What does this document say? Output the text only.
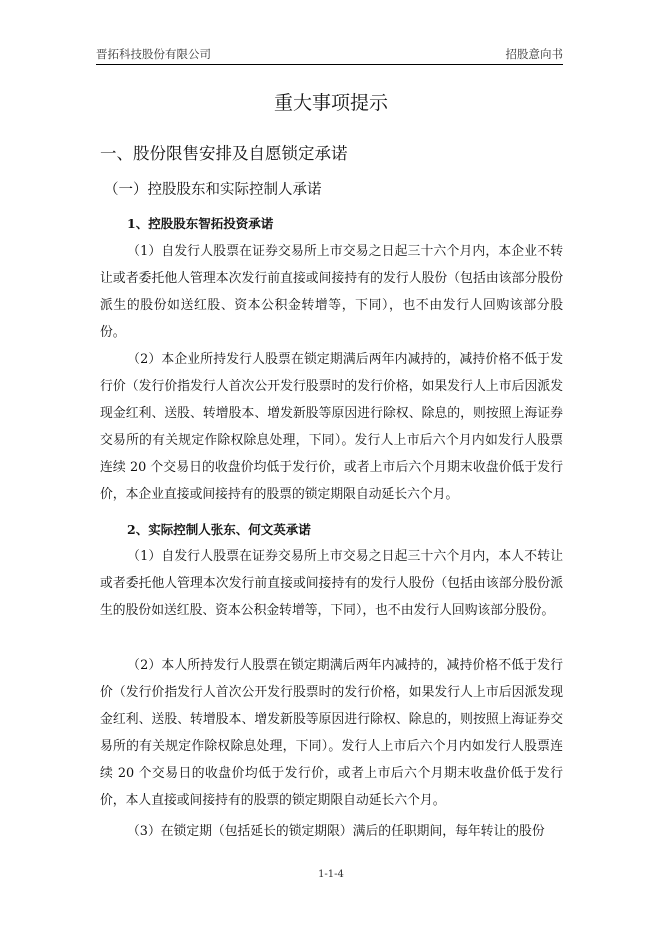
晋拓科技股份有限公司	招股意向书
重大事项提示
一、股份限售安排及自愿锁定承诺
（一）控股股东和实际控制人承诺
1、控股股东智拓投资承诺
（1）自发行人股票在证券交易所上市交易之日起三十六个月内，本企业不转让或者委托他人管理本次发行前直接或间接持有的发行人股份（包括由该部分股份派生的股份如送红股、资本公积金转增等，下同），也不由发行人回购该部分股份。
（2）本企业所持发行人股票在锁定期满后两年内减持的，减持价格不低于发行价（发行价指发行人首次公开发行股票时的发行价格，如果发行人上市后因派发现金红利、送股、转增股本、增发新股等原因进行除权、除息的，则按照上海证券交易所的有关规定作除权除息处理，下同）。发行人上市后六个月内如发行人股票连续 20 个交易日的收盘价均低于发行价，或者上市后六个月期末收盘价低于发行价，本企业直接或间接持有的股票的锁定期限自动延长六个月。
2、实际控制人张东、何文英承诺
（1）自发行人股票在证券交易所上市交易之日起三十六个月内，本人不转让或者委托他人管理本次发行前直接或间接持有的发行人股份（包括由该部分股份派生的股份如送红股、资本公积金转增等，下同），也不由发行人回购该部分股份。
（2）本人所持发行人股票在锁定期满后两年内减持的，减持价格不低于发行价（发行价指发行人首次公开发行股票时的发行价格，如果发行人上市后因派发现金红利、送股、转增股本、增发新股等原因进行除权、除息的，则按照上海证券交易所的有关规定作除权除息处理，下同）。发行人上市后六个月内如发行人股票连续 20 个交易日的收盘价均低于发行价，或者上市后六个月期末收盘价低于发行价，本人直接或间接持有的股票的锁定期限自动延长六个月。
（3）在锁定期（包括延长的锁定期限）满后的任职期间，每年转让的股份
1-1-4
